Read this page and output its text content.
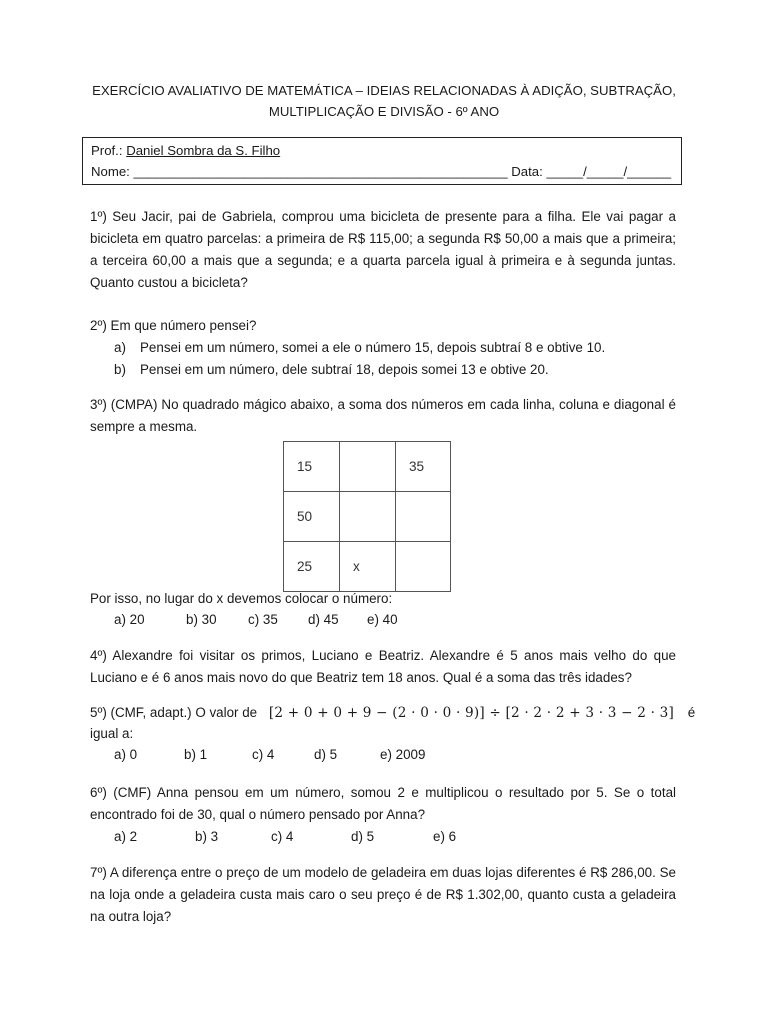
EXERCÍCIO AVALIATIVO DE MATEMÁTICA – IDEIAS RELACIONADAS À ADIÇÃO, SUBTRAÇÃO,
MULTIPLICAÇÃO E DIVISÃO - 6º ANO
Prof.: Daniel Sombra da S. Filho
Nome: ___________________________________________________ Data: _____/_____/______
1º) Seu Jacir, pai de Gabriela, comprou uma bicicleta de presente para a filha. Ele vai pagar a bicicleta em quatro parcelas: a primeira de R$ 115,00; a segunda R$ 50,00 a mais que a primeira; a terceira 60,00 a mais que a segunda; e a quarta parcela igual à primeira e à segunda juntas. Quanto custou a bicicleta?
2º) Em que número pensei?
a) Pensei em um número, somei a ele o número 15, depois subtraí 8 e obtive 10.
b) Pensei em um número, dele subtraí 18, depois somei 13 e obtive 20.
3º) (CMPA) No quadrado mágico abaixo, a soma dos números em cada linha, coluna e diagonal é sempre a mesma.
15		35
50		
25	x	
Por isso, no lugar do x devemos colocar o número:
a) 20	b) 30 c) 35 d) 45 e) 40
4º) Alexandre foi visitar os primos, Luciano e Beatriz. Alexandre é 5 anos mais velho do que Luciano e é 6 anos mais novo do que Beatriz tem 18 anos. Qual é a soma das três idades?
5º) (CMF, adapt.) O valor de [2 + 0 + 0 + 9 − (2 · 0 · 0 · 9)] ÷ [2 · 2 · 2 + 3 · 3 − 2 · 3] é
igual a:
a) 0	b) 1	c) 4	d) 5	e) 2009
6º) (CMF) Anna pensou em um número, somou 2 e multiplicou o resultado por 5. Se o total encontrado foi de 30, qual o número pensado por Anna?
a) 2	b) 3	c) 4	d) 5	e) 6
7º) A diferença entre o preço de um modelo de geladeira em duas lojas diferentes é R$ 286,00. Se na loja onde a geladeira custa mais caro o seu preço é de R$ 1.302,00, quanto custa a geladeira na outra loja?
